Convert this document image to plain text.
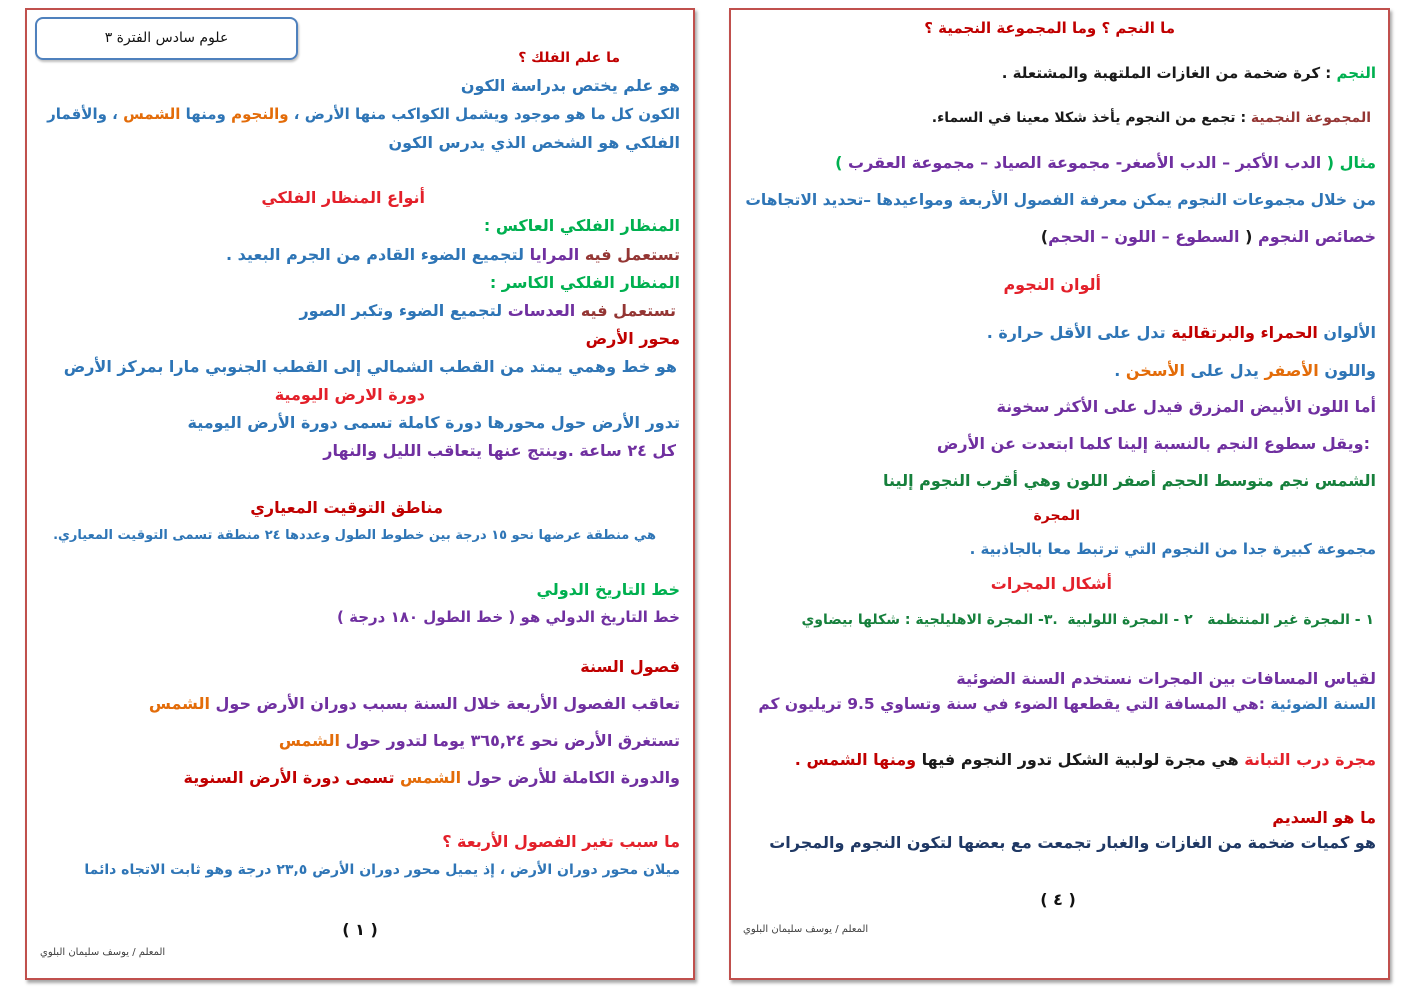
علوم سادس الفترة ٣
ما علم الفلك ؟
هو علم يختص بدراسة الكون
الكون كل ما هو موجود ويشمل الكواكب منها الأرض ، والنجوم ومنها الشمس ، والأقمار
الفلكي هو الشخص الذي يدرس الكون
أنواع المنظار الفلكي
المنظار الفلكي العاكس :
تستعمل فيه المرايا لتجميع الضوء القادم من الجرم البعيد .
المنظار الفلكي الكاسر :
تستعمل فيه العدسات لتجميع الضوء وتكبر الصور
محور الأرض
هو خط وهمي يمتد من القطب الشمالي إلى القطب الجنوبي مارا بمركز الأرض
دورة الارض اليومية
تدور الأرض حول محورها دورة كاملة تسمى دورة الأرض اليومية
كل ٢٤ ساعة .وينتج عنها يتعاقب الليل والنهار
مناطق التوقيت المعياري
هي منطقة عرضها نحو ١٥ درجة بين خطوط الطول وعددها ٢٤ منطقة تسمى التوقيت المعياري.
خط التاريخ الدولي
خط التاريخ الدولي هو ( خط الطول ١٨٠ درجة )
فصول السنة
تعاقب الفصول الأربعة خلال السنة بسبب دوران الأرض حول الشمس
تستغرق الأرض نحو ٣٦٥,٢٤ يوما لتدور حول الشمس
والدورة الكاملة للأرض حول الشمس تسمى دورة الأرض السنوية
ما سبب تغير الفصول الأربعة ؟
ميلان محور دوران الأرض ، إذ يميل محور دوران الأرض ٢٣,٥ درجة وهو ثابت الاتجاه دائما
( ١ )
المعلم / يوسف سليمان البلوي
ما النجم ؟ وما المجموعة النجمية ؟
النجم : كرة ضخمة من الغازات الملتهبة والمشتعلة .
المجموعة النجمية : تجمع من النجوم يأخذ شكلا معينا في السماء.
مثال ( الدب الأكبر – الدب الأصغر- مجموعة الصياد – مجموعة العقرب )
من خلال مجموعات النجوم يمكن معرفة الفصول الأربعة ومواعيدها –تحديد الاتجاهات
خصائص النجوم ( السطوع – اللون – الحجم)
ألوان النجوم
الألوان الحمراء والبرتقالية تدل على الأقل حرارة .
واللون الأصفر يدل على الأسخن .
أما اللون الأبيض المزرق فيدل على الأكثر سخونة
:ويقل سطوع النجم بالنسبة إلينا كلما ابتعدت عن الأرض
الشمس نجم متوسط الحجم أصفر اللون وهي أقرب النجوم إلينا
المجرة
مجموعة كبيرة جدا من النجوم التي ترتبط معا بالجاذبية .
أشكال المجرات
١ - المجرة غير المنتظمة   ٢ - المجرة اللولبية  .٣- المجرة الاهليلجية : شكلها بيضاوي
لقياس المسافات بين المجرات نستخدم السنة الضوئية
السنة الضوئية :هي المسافة التي يقطعها الضوء في سنة وتساوي 9.5 تريليون كم
مجرة درب التبانة هي مجرة لولبية الشكل تدور النجوم فيها ومنها الشمس .
ما هو السديم
هو كميات ضخمة من الغازات والغبار تجمعت مع بعضها لتكون النجوم والمجرات
( ٤ )
المعلم / يوسف سليمان البلوي
